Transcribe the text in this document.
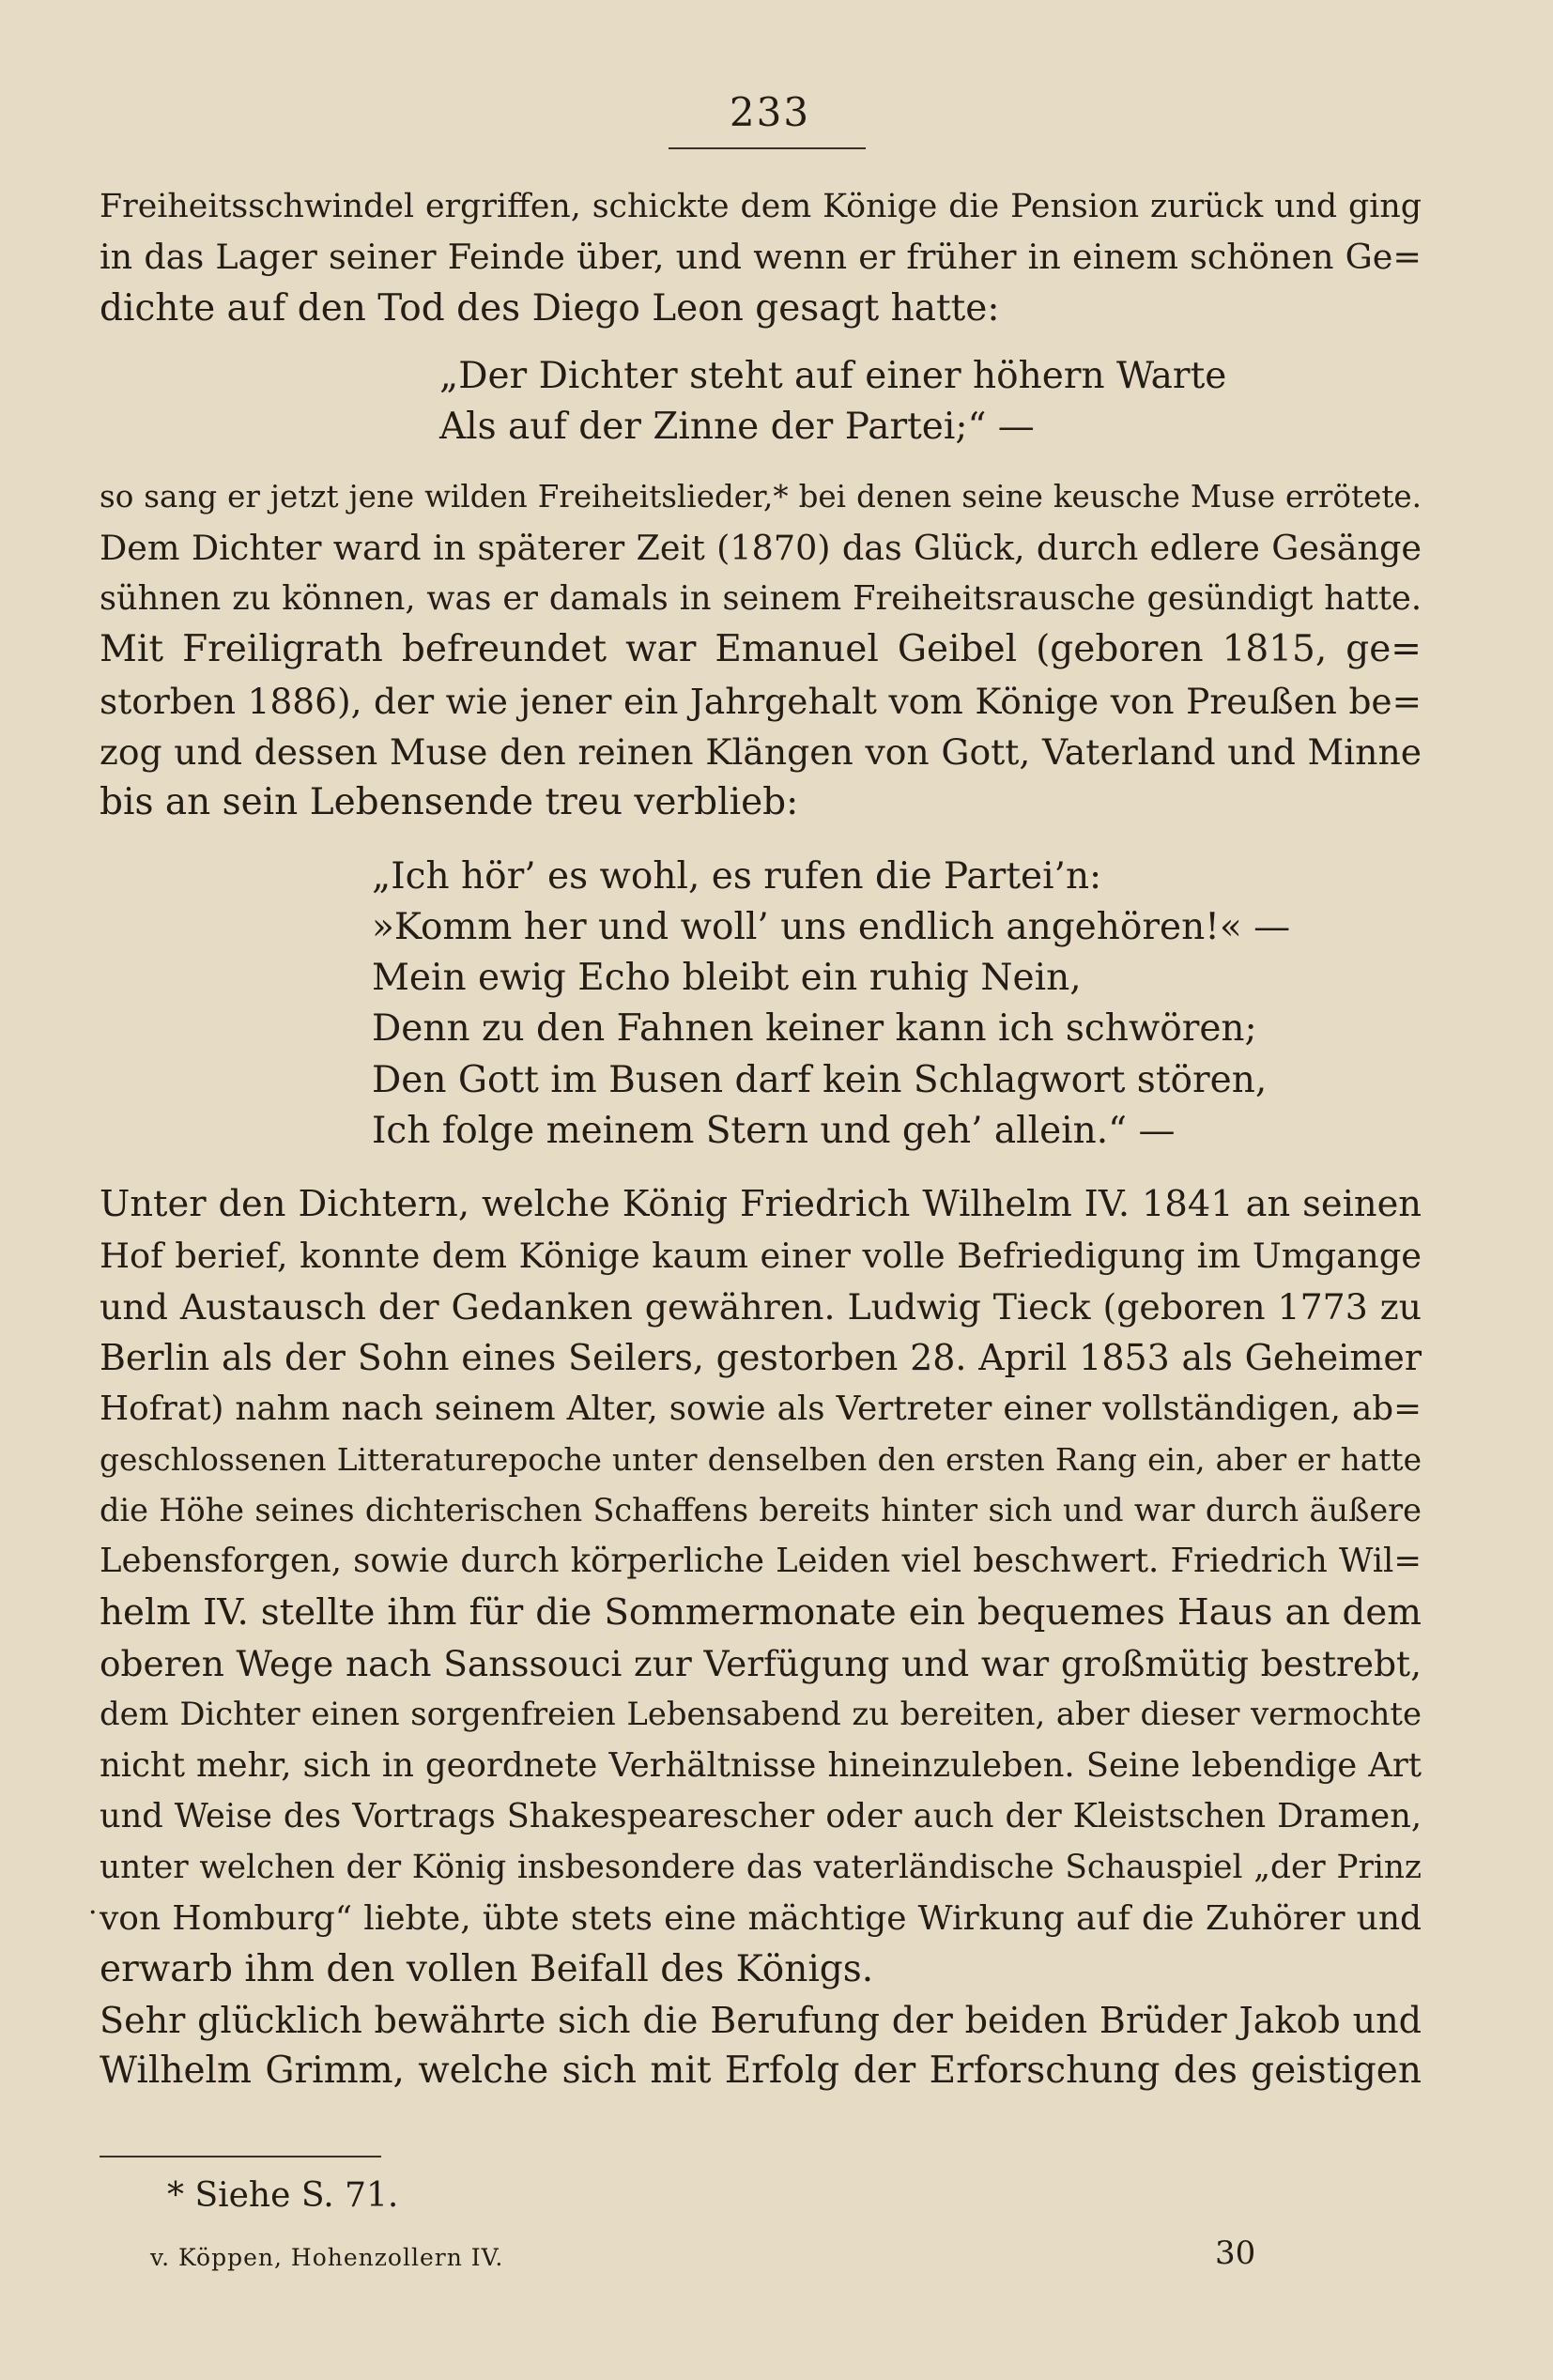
233
Freiheitsschwindel ergriffen, schickte dem Könige die Pension zurück und ging
in das Lager seiner Feinde über, und wenn er früher in einem schönen Ge=
dichte auf den Tod des Diego Leon gesagt hatte:
„Der Dichter steht auf einer höhern Warte
Als auf der Zinne der Partei;“ —
so sang er jetzt jene wilden Freiheitslieder,* bei denen seine keusche Muse errötete.
Dem Dichter ward in späterer Zeit (1870) das Glück, durch edlere Gesänge
sühnen zu können, was er damals in seinem Freiheitsrausche gesündigt hatte.
Mit Freiligrath befreundet war Emanuel Geibel (geboren 1815, ge=
storben 1886), der wie jener ein Jahrgehalt vom Könige von Preußen be=
zog und dessen Muse den reinen Klängen von Gott, Vaterland und Minne
bis an sein Lebensende treu verblieb:
„Ich hör’ es wohl, es rufen die Partei’n:
»Komm her und woll’ uns endlich angehören!« —
Mein ewig Echo bleibt ein ruhig Nein,
Denn zu den Fahnen keiner kann ich schwören;
Den Gott im Busen darf kein Schlagwort stören,
Ich folge meinem Stern und geh’ allein.“ —
Unter den Dichtern, welche König Friedrich Wilhelm IV. 1841 an seinen
Hof berief, konnte dem Könige kaum einer volle Befriedigung im Umgange
und Austausch der Gedanken gewähren. Ludwig Tieck (geboren 1773 zu
Berlin als der Sohn eines Seilers, gestorben 28. April 1853 als Geheimer
Hofrat) nahm nach seinem Alter, sowie als Vertreter einer vollständigen, ab=
geschlossenen Litteraturepoche unter denselben den ersten Rang ein, aber er hatte
die Höhe seines dichterischen Schaffens bereits hinter sich und war durch äußere
Lebensforgen, sowie durch körperliche Leiden viel beschwert. Friedrich Wil=
helm IV. stellte ihm für die Sommermonate ein bequemes Haus an dem
oberen Wege nach Sanssouci zur Verfügung und war großmütig bestrebt,
dem Dichter einen sorgenfreien Lebensabend zu bereiten, aber dieser vermochte
nicht mehr, sich in geordnete Verhältnisse hineinzuleben. Seine lebendige Art
und Weise des Vortrags Shakespearescher oder auch der Kleistschen Dramen,
unter welchen der König insbesondere das vaterländische Schauspiel „der Prinz
von Homburg“ liebte, übte stets eine mächtige Wirkung auf die Zuhörer und
erwarb ihm den vollen Beifall des Königs.
Sehr glücklich bewährte sich die Berufung der beiden Brüder Jakob und
Wilhelm Grimm, welche sich mit Erfolg der Erforschung des geistigen
·
* Siehe S. 71.
v. Köppen, Hohenzollern IV.	30
